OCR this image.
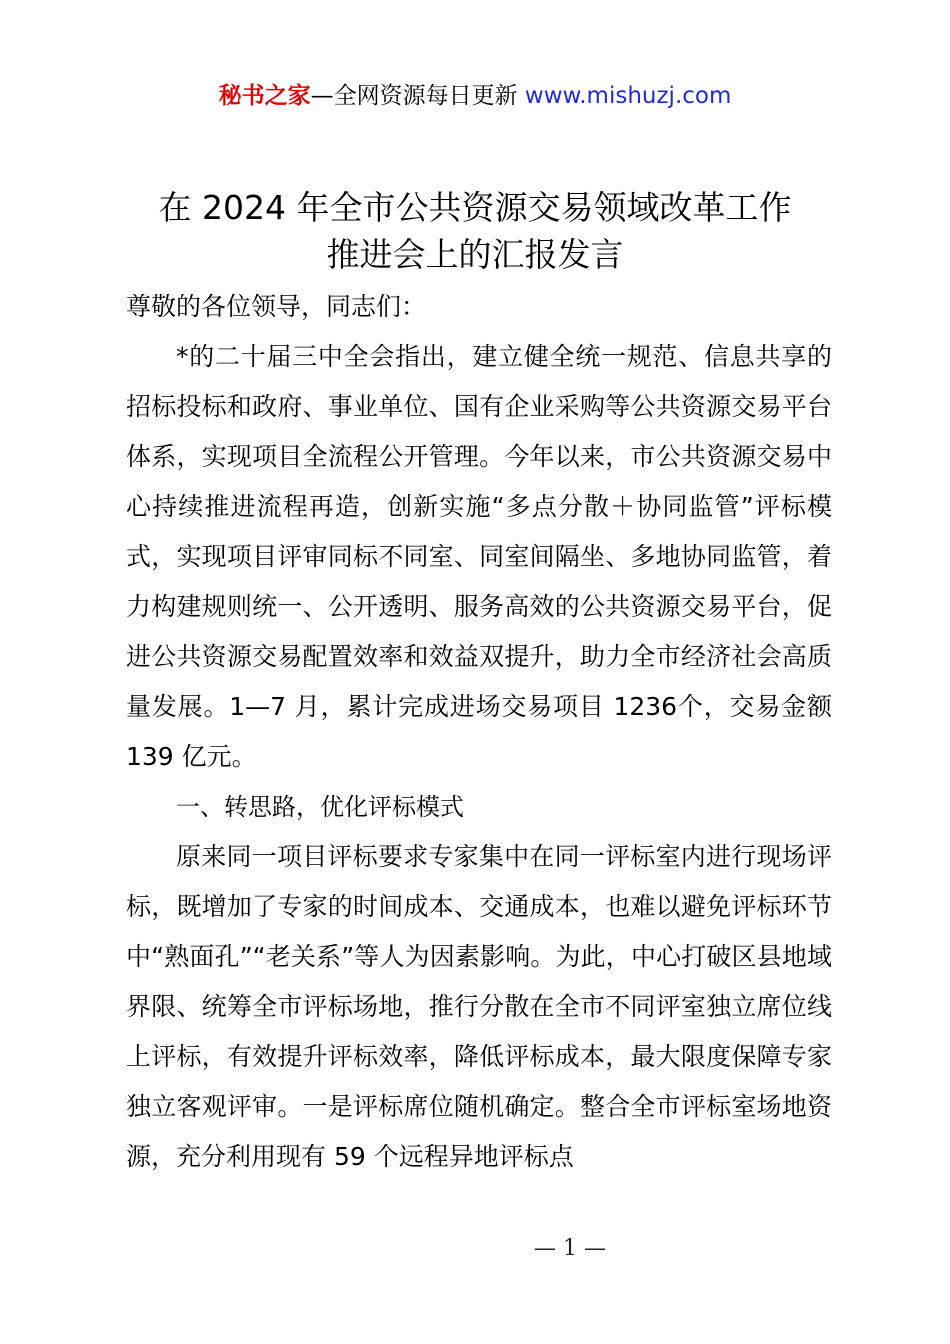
秘书之家—全网资源每日更新 www.mishuzj.com
在 2024 年全市公共资源交易领域改革工作
推进会上的汇报发言

尊敬的各位领导，同志们：

*的二十届三中全会指出，建立健全统一规范、信息共享的招标投标和政府、事业单位、国有企业采购等公共资源交易平台体系，实现项目全流程公开管理。今年以来，市公共资源交易中心持续推进流程再造，创新实施“多点分散＋协同监管”评标模式，实现项目评审同标不同室、同室间隔坐、多地协同监管，着力构建规则统一、公开透明、服务高效的公共资源交易平台，促进公共资源交易配置效率和效益双提升，助力全市经济社会高质量发展。1—7 月，累计完成进场交易项目 1236个，交易金额 139 亿元。

一、转思路，优化评标模式

原来同一项目评标要求专家集中在同一评标室内进行现场评标，既增加了专家的时间成本、交通成本，也难以避免评标环节中“熟面孔”“老关系”等人为因素影响。为此，中心打破区县地域界限、统筹全市评标场地，推行分散在全市不同评室独立席位线上评标，有效提升评标效率，降低评标成本，最大限度保障专家独立客观评审。一是评标席位随机确定。整合全市评标室场地资源，充分利用现有 59 个远程异地评标点

— 1 —
